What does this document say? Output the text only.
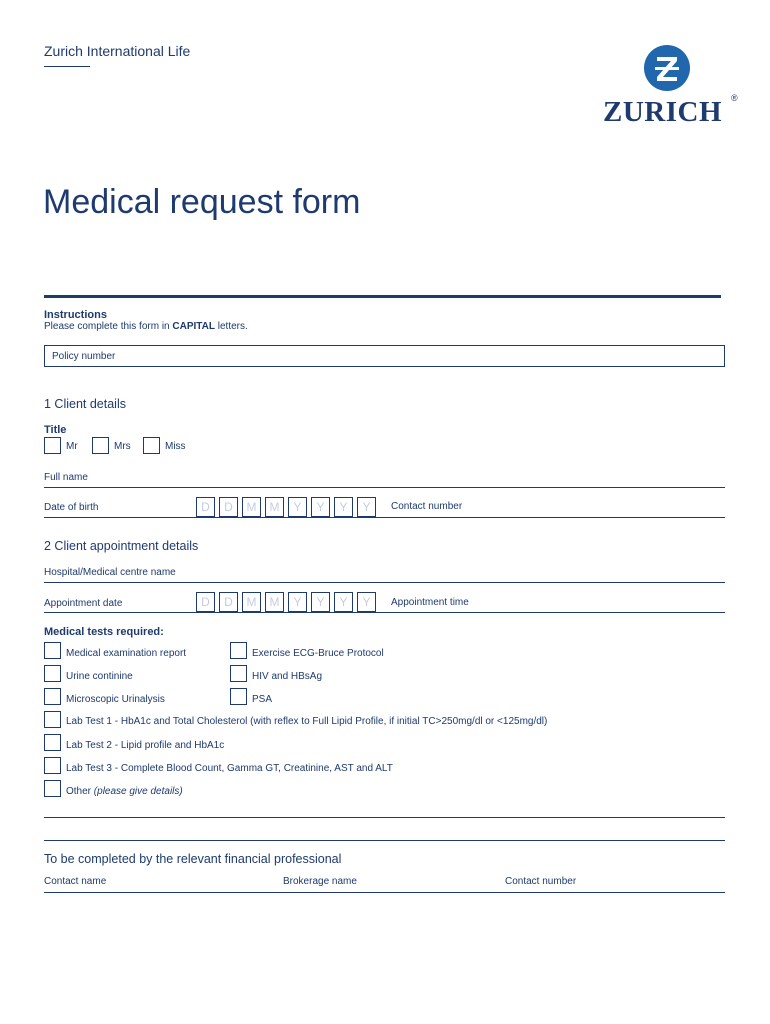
Zurich International Life
ZURICH ®
Medical request form
Instructions
Please complete this form in CAPITAL letters.
Policy number
1 Client details
Title
Mr	Mrs	Miss
Full name
Date of birth	D	D	M	M	Y	Y	Y	Y	Contact number
2 Client appointment details
Hospital/Medical centre name
Appointment date	D	D	M	M	Y	Y	Y	Y	Appointment time
Medical tests required:
Medical examination report
Urine continine
Microscopic Urinalysis
Exercise ECG-Bruce Protocol
HIV and HBsAg
PSA
Lab Test 1 - HbA1c and Total Cholesterol (with reflex to Full Lipid Profile, if initial TC>250mg/dl or <125mg/dl)
Lab Test 2 - Lipid profile and HbA1c
Lab Test 3 - Complete Blood Count, Gamma GT, Creatinine, AST and ALT
Other (please give details)
To be completed by the relevant financial professional
Contact name	Brokerage name	Contact number
